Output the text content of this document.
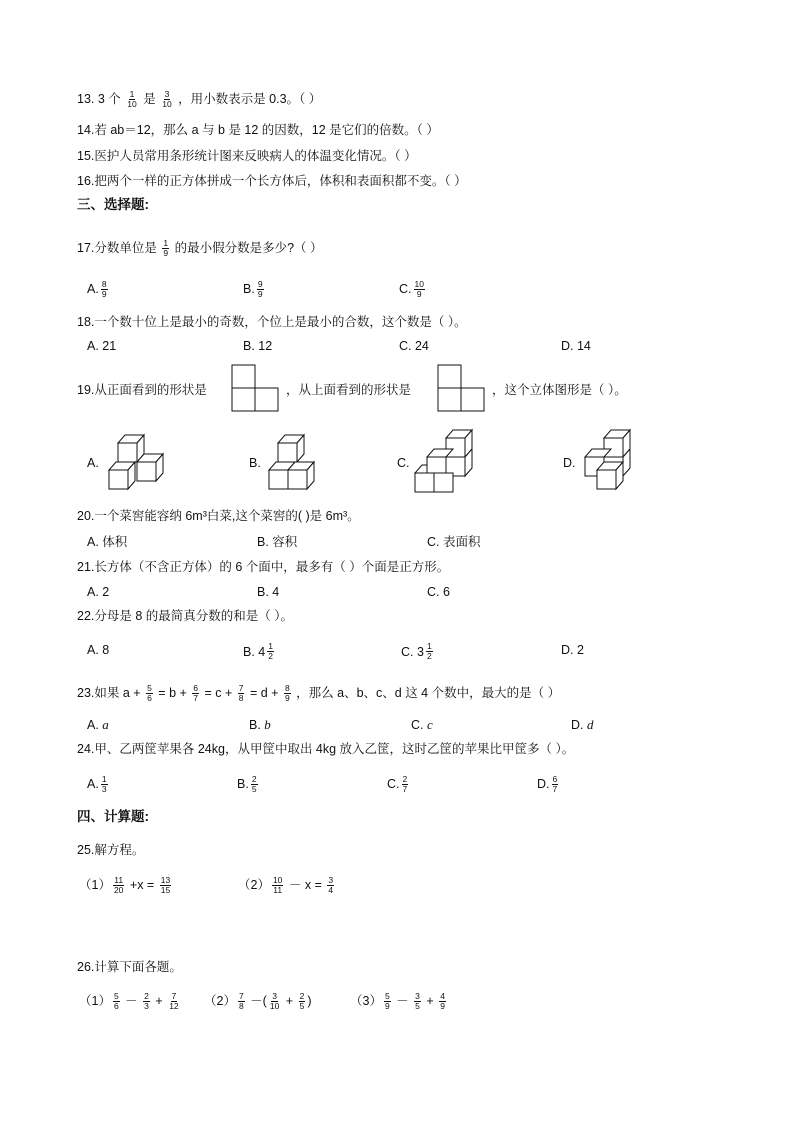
13. 3 个 $\frac{1}{10}$ 是 $\frac{3}{10}$ ，用小数表示是 0.3。（ ）
14.若 ab＝12，那么 a 与 b 是 12 的因数，12 是它们的倍数。（ ）
15.医护人员常用条形统计图来反映病人的体温变化情况。（ ）
16.把两个一样的正方体拼成一个长方体后，体积和表面积都不变。（ ）
三、选择题:
17.分数单位是 $\frac{1}{9}$ 的最小假分数是多少?（ ）
A. $\frac{8}{9}$	B. $\frac{9}{9}$	C. $\frac{10}{9}$
18.一个数十位上是最小的奇数，个位上是最小的合数，这个数是（ ）。
A. 21	B. 12	C. 24	D. 14
19.从正面看到的形状是	，从上面看到的形状是	，这个立体图形是（ ）。
A.	B.	C.	D.
20.一个菜窖能容纳 6m³白菜,这个菜窖的( )是 6m³。
A. 体积	B. 容积	C. 表面积
21.长方体（不含正方体）的 6 个面中，最多有（ ）个面是正方形。
A. 2	B. 4	C. 6
22.分母是 8 的最简真分数的和是（ ）。
A. 8	B. $4 \frac{1}{2}$	C. $3 \frac{1}{2}$	D. 2
23.如果 $a + \frac{5}{6} = b + \frac{6}{7} = c + \frac{7}{8} = d + \frac{8}{9}$ ，那么 a、b、c、d 这 4 个数中，最大的是（ ）
A. a	B. b	C. c	D. d
24.甲、乙两筐苹果各 24kg，从甲筐中取出 4kg 放入乙筐，这时乙筐的苹果比甲筐多（ ）。
A. $\frac{1}{3}$	B. $\frac{2}{5}$	C. $\frac{2}{7}$	D. $\frac{6}{7}$
四、计算题:
25.解方程。
$(1) \frac{11}{20} +x = \frac{13}{15}$	$(2) \frac{10}{11} - x = \frac{3}{4}$
26.计算下面各题。
$(1) \frac{5}{6} - \frac{2}{3} + \frac{7}{12} (2) \frac{7}{8}$ －( $\frac{3}{10} + \frac{2}{5}$ )	$(3) \frac{5}{9} - \frac{3}{5} + \frac{4}{9}$
